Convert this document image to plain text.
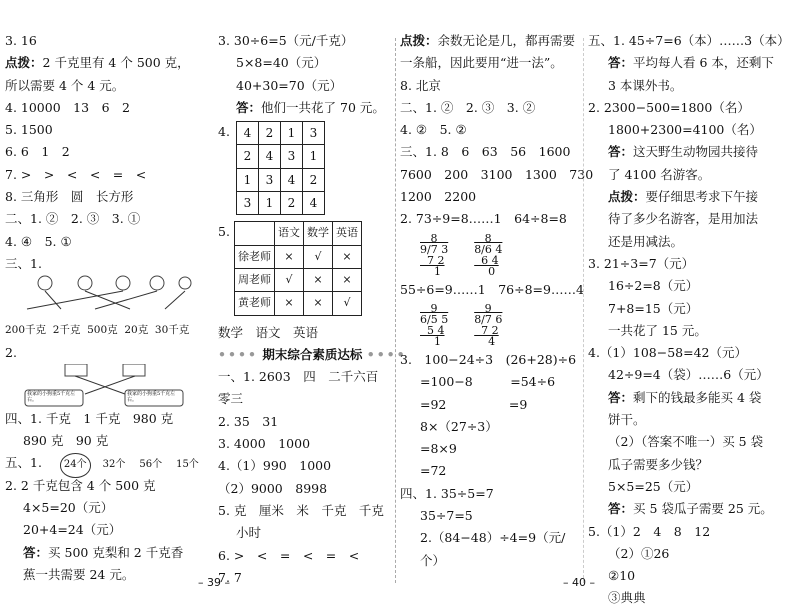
3. 16
点拨：2 千克里有 4 个 500 克，
所以需要 4 个 4 元。
4. 10000　13　6　2
5. 1500
6. 6　1　2
7. >　>　<　<　=　<
8. 三角形　圆　长方形
二、1. ②　2. ③　3. ①
4. ④　5. ①
三、1.
200千克 2千克 500克 20克 30千克
2.
我家的小狗重5千克左右。
我家的小狗重5千克左右。
四、1. 千克　1 千克　980 克
890 克　90 克
五、1. 24个 32个 56个 15个
2. 2 千克包含 4 个 500 克
4×5=20（元）
20+4=24（元）
答：买 500 克梨和 2 千克香
蕉一共需要 24 元。
3. 30÷6=5（元/千克）
5×8=40（元）
40+30=70（元）
答：他们一共花了 70 元。
4. 4	2	1	3
2	4	3	1
1	3	4	2
3	1	2	4
5.
		语文	数学	英语
徐老师	×	√	×
周老师	√	×	×
黄老师	×	×	√
数学　语文　英语
•••• 期末综合素质达标 ••••
一、1. 2603　四　二千六百
零三
2. 35　31
3. 4000　1000
4.（1）990　1000
（2）9000　8998
5. 克　厘米　米　千克　千克
小时
6. >　<　=　<　=　<
7. 7
点拨：余数无论是几，都再需要
一条船，因此要用“进一法”。
8. 北京
二、1. ②　2. ③　3. ②
4. ②　5. ②
三、1. 8　6　63　56　1600
7600　200　3100　1300　730
1200　2200
2. 73÷9=8……1　64÷8=8
8
9/7 3
7 2
1

8
8/6 4
6 4
0
55÷6=9……1　76÷8=9……4
9
6/5 5
5 4
1

9
8/7 6
7 2
4
3.　100−24÷3　(26+28)÷6
=100−8　　　=54÷6
=92　　　　　=9
8×（27÷3）
=8×9
=72
四、1. 35÷5=7
35÷7=5
2.（84−48）÷4=9（元/
个）
五、1. 45÷7=6（本）……3（本）
答：平均每人看 6 本，还剩下
3 本课外书。
2. 2300−500=1800（名）
1800+2300=4100（名）
答：这天野生动物园共接待
了 4100 名游客。
点拨：要仔细思考求下午接
待了多少名游客，是用加法
还是用减法。
3. 21÷3=7（元）
16÷2=8（元）
7+8=15（元）
一共花了 15 元。
4.（1）108−58=42（元）
42÷9=4（袋）……6（元）
答：剩下的钱最多能买 4 袋
饼干。
（2）（答案不唯一）买 5 袋
瓜子需要多少钱？
5×5=25（元）
答：买 5 袋瓜子需要 25 元。
5.（1）2　4　8　12
（2）①26
②10
③典典
– 39 –	– 40 –
